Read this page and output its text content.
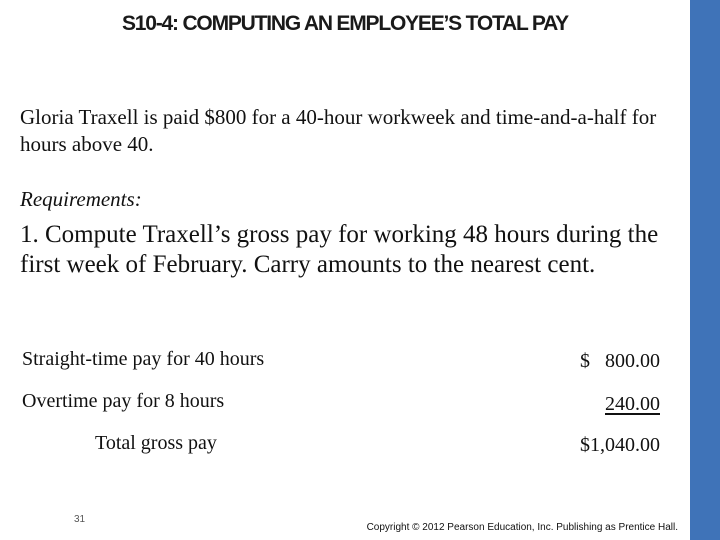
S10-4: COMPUTING AN EMPLOYEE’S TOTAL PAY
Gloria Traxell is paid $800 for a 40-hour workweek and time-and-a-half for hours above 40.
Requirements:
1. Compute Traxell’s gross pay for working 48 hours during the first week of February. Carry amounts to the nearest cent.
Straight-time pay for 40 hours	$   800.00
Overtime pay for 8 hours	240.00
Total gross pay	$1,040.00
31
Copyright © 2012 Pearson Education, Inc. Publishing as Prentice Hall.
